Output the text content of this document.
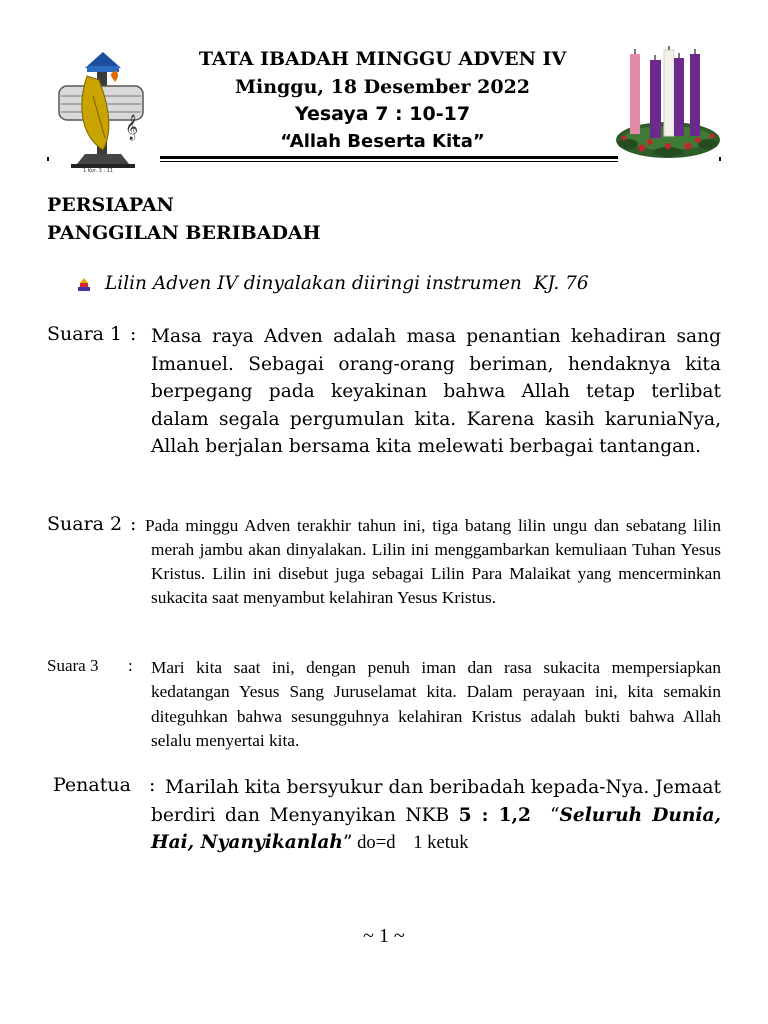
𝄞
1 Kor. 3 : 11
TATA IBADAH MINGGU ADVEN IV
Minggu, 18 Desember 2022
Yesaya 7 : 10-17
“Allah Beserta Kita”
PERSIAPAN
PANGGILAN BERIBADAH
Lilin Adven IV dinyalakan diiringi instrumen  KJ. 76
Suara 1 : Masa raya Adven adalah masa penantian kehadiran sang Imanuel. Sebagai orang-orang beriman, hendaknya kita berpegang pada keyakinan bahwa Allah tetap terlibat dalam segala pergumulan kita. Karena kasih karuniaNya, Allah berjalan bersama kita melewati berbagai tantangan.
Suara 2 : Pada minggu Adven terakhir tahun ini, tiga batang lilin ungu dan sebatang lilin merah jambu akan dinyalakan. Lilin ini menggambarkan kemuliaan Tuhan Yesus Kristus. Lilin ini disebut juga sebagai Lilin Para Malaikat yang mencerminkan sukacita saat menyambut kelahiran Yesus Kristus.
Suara 3 : Mari kita saat ini, dengan penuh iman dan rasa sukacita mempersiapkan kedatangan Yesus Sang Juruselamat kita. Dalam perayaan ini, kita semakin diteguhkan bahwa sesungguhnya kelahiran Kristus adalah bukti bahwa Allah selalu menyertai kita.
Penatua : Marilah kita bersyukur dan beribadah kepada-Nya. Jemaat berdiri dan Menyanyikan NKB 5 : 1,2 “Seluruh Dunia, Hai, Nyanyikanlah” do=d 1 ketuk
~ 1 ~
